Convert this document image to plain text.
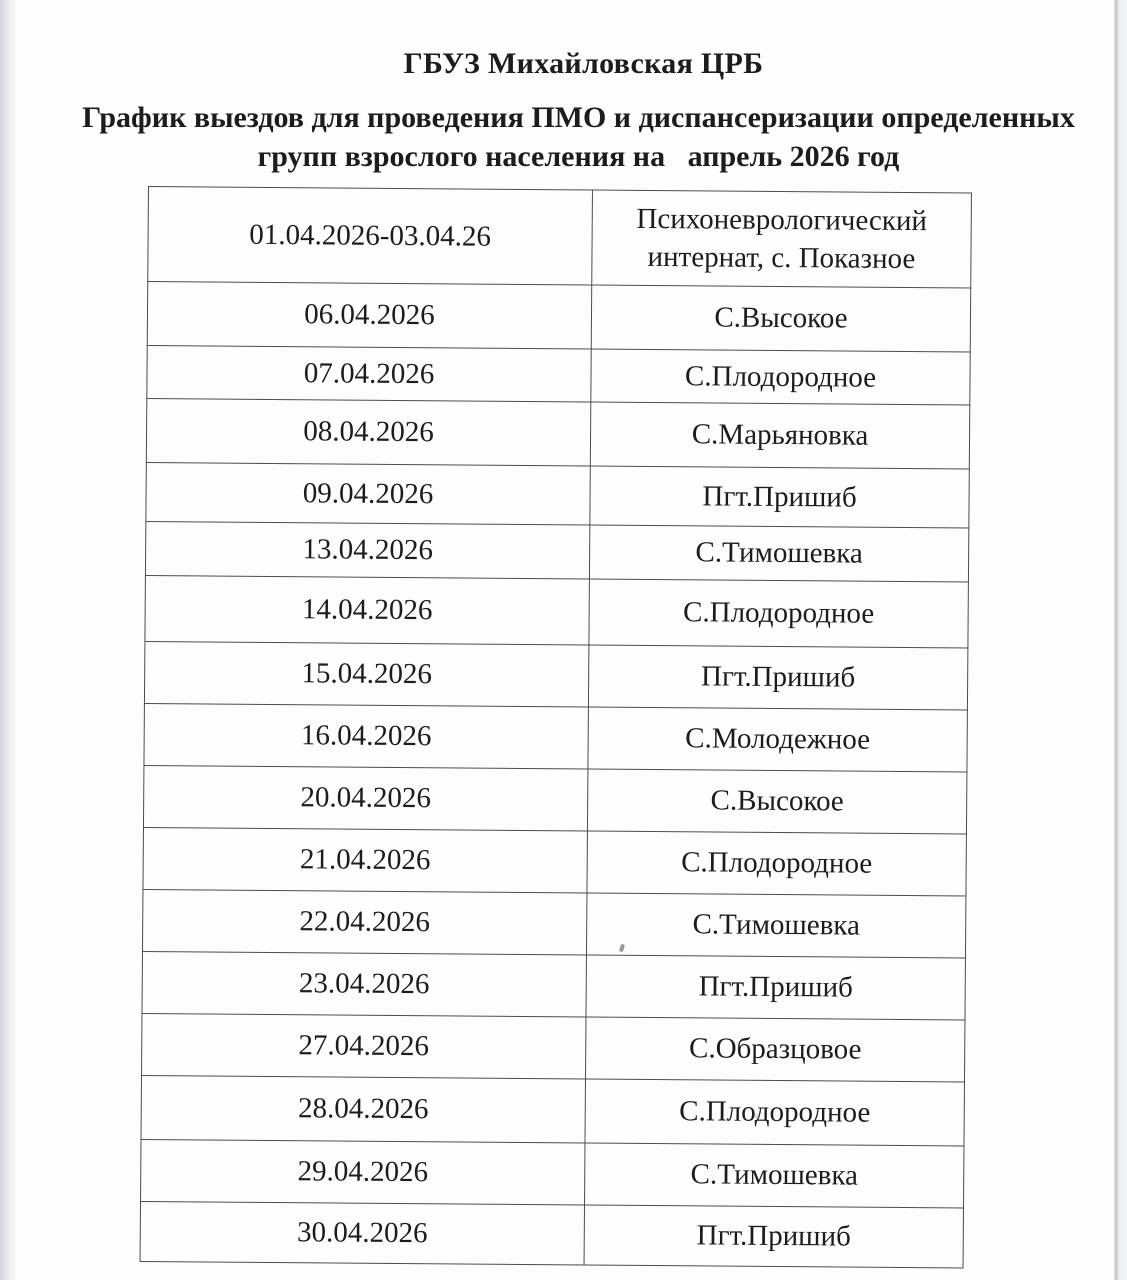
ГБУЗ Михайловская ЦРБ
График выездов для проведения ПМО и диспансеризации определенных
групп взрослого населения на   апрель 2026 год
01.04.2026-03.04.26	Психоневрологический интернат, с. Показное
06.04.2026	С.Высокое
07.04.2026	С.Плодородное
08.04.2026	С.Марьяновка
09.04.2026	Пгт.Пришиб
13.04.2026	С.Тимошевка
14.04.2026	С.Плодородное
15.04.2026	Пгт.Пришиб
16.04.2026	С.Молодежное
20.04.2026	С.Высокое
21.04.2026	С.Плодородное
22.04.2026	С.Тимошевка
23.04.2026	Пгт.Пришиб
27.04.2026	С.Образцовое
28.04.2026	С.Плодородное
29.04.2026	С.Тимошевка
30.04.2026	Пгт.Пришиб
